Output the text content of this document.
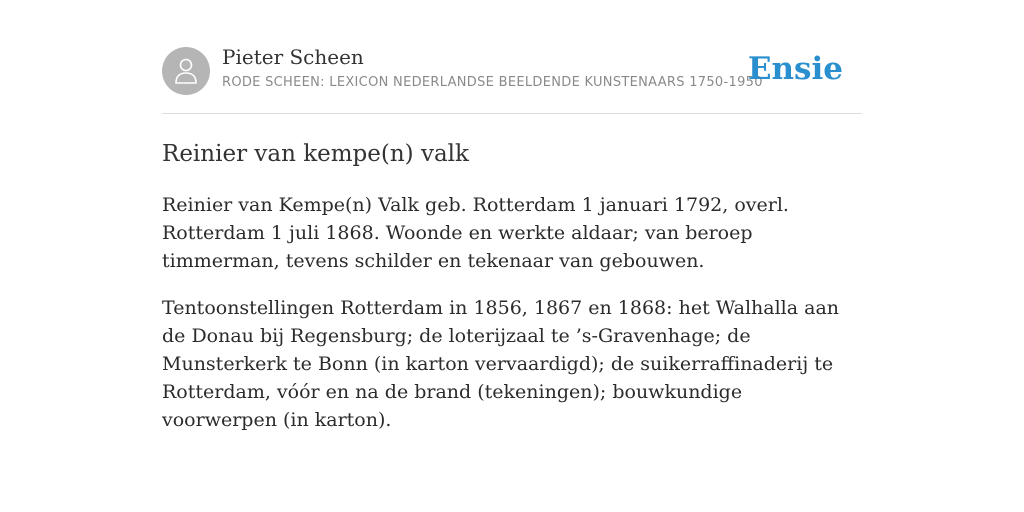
Pieter Scheen
RODE SCHEEN: LEXICON NEDERLANDSE BEELDENDE KUNSTENAARS 1750-1950
Ensie
Reinier van kempe(n) valk

Reinier van Kempe(n) Valk geb. Rotterdam 1 januari 1792, overl. Rotterdam 1 juli 1868. Woonde en werkte aldaar; van beroep timmerman, tevens schilder en tekenaar van gebouwen.

Tentoonstellingen Rotterdam in 1856, 1867 en 1868: het Walhalla aan de Donau bij Regensburg; de loterijzaal te ’s-Gravenhage; de Munsterkerk te Bonn (in karton vervaardigd); de suikerraffinaderij te Rotterdam, vóór en na de brand (tekeningen); bouwkundige voorwerpen (in karton).
